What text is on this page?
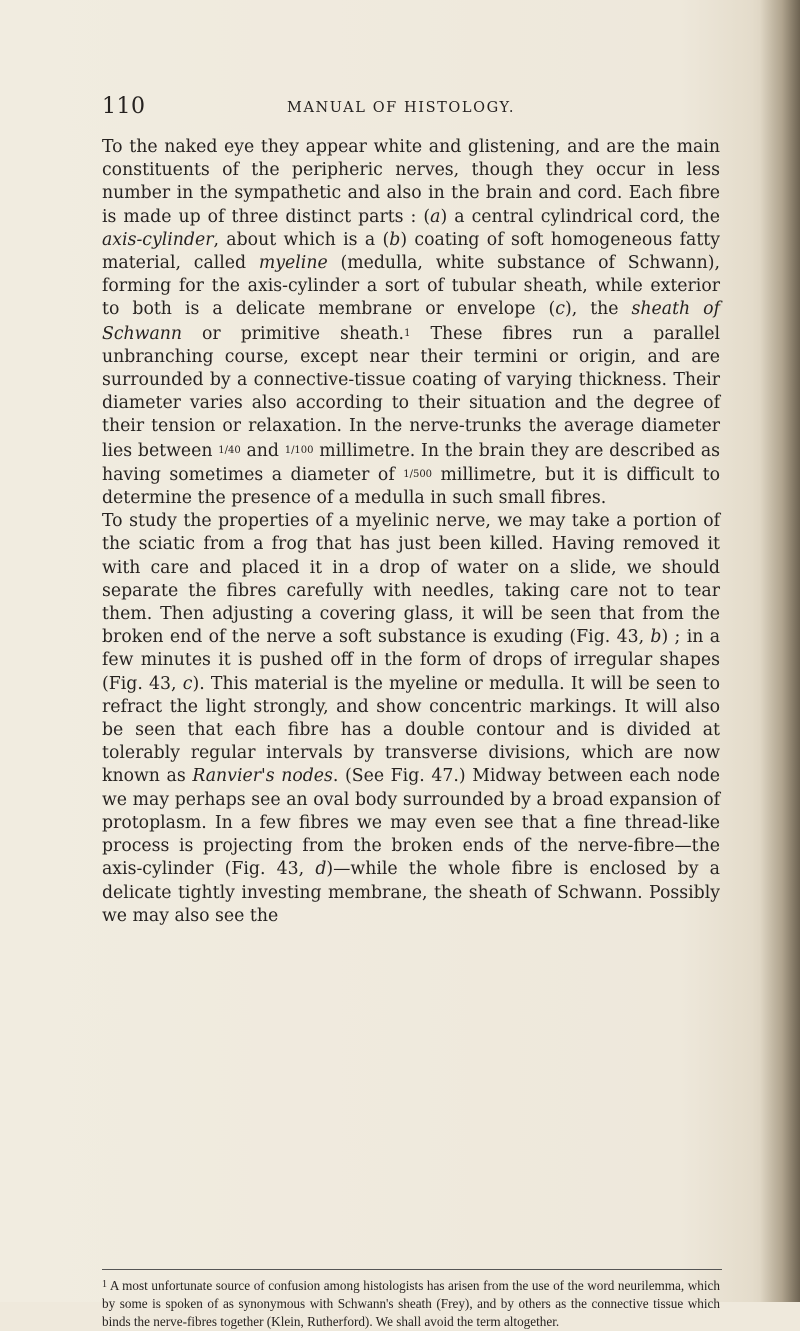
110	MANUAL OF HISTOLOGY.

To the naked eye they appear white and glistening, and are the main constituents of the peripheric nerves, though they occur in less number in the sympathetic and also in the brain and cord. Each fibre is made up of three distinct parts : (a) a central cylindrical cord, the axis-cylinder, about which is a (b) coating of soft homogeneous fatty material, called myeline (medulla, white substance of Schwann), forming for the axis-cylinder a sort of tubular sheath, while exterior to both is a delicate membrane or envelope (c), the sheath of Schwann or primitive sheath.$^1$ These fibres run a parallel unbranching course, except near their termini or origin, and are surrounded by a connective-tissue coating of varying thickness. Their diameter varies also according to their situation and the degree of their tension or relaxation. In the nerve-trunks the average diameter lies between 1/40 and 1/100 millimetre. In the brain they are described as having sometimes a diameter of 1/500 millimetre, but it is difficult to determine the presence of a medulla in such small fibres.

To study the properties of a myelinic nerve, we may take a portion of the sciatic from a frog that has just been killed. Having removed it with care and placed it in a drop of water on a slide, we should separate the fibres carefully with needles, taking care not to tear them. Then adjusting a covering glass, it will be seen that from the broken end of the nerve a soft substance is exuding (Fig. 43, b) ; in a few minutes it is pushed off in the form of drops of irregular shapes (Fig. 43, c). This material is the myeline or medulla. It will be seen to refract the light strongly, and show concentric markings. It will also be seen that each fibre has a double contour and is divided at tolerably regular intervals by transverse divisions, which are now known as Ranvier's nodes. (See Fig. 47.) Midway between each node we may perhaps see an oval body surrounded by a broad expansion of protoplasm. In a few fibres we may even see that a fine thread-like process is projecting from the broken ends of the nerve-fibre—the axis-cylinder (Fig. 43, d)—while the whole fibre is enclosed by a delicate tightly investing membrane, the sheath of Schwann. Possibly we may also see the

$^1$ A most unfortunate source of confusion among histologists has arisen from the use of the word neurilemma, which by some is spoken of as synonymous with Schwann's sheath (Frey), and by others as the connective tissue which binds the nerve-fibres together (Klein, Rutherford). We shall avoid the term altogether.
